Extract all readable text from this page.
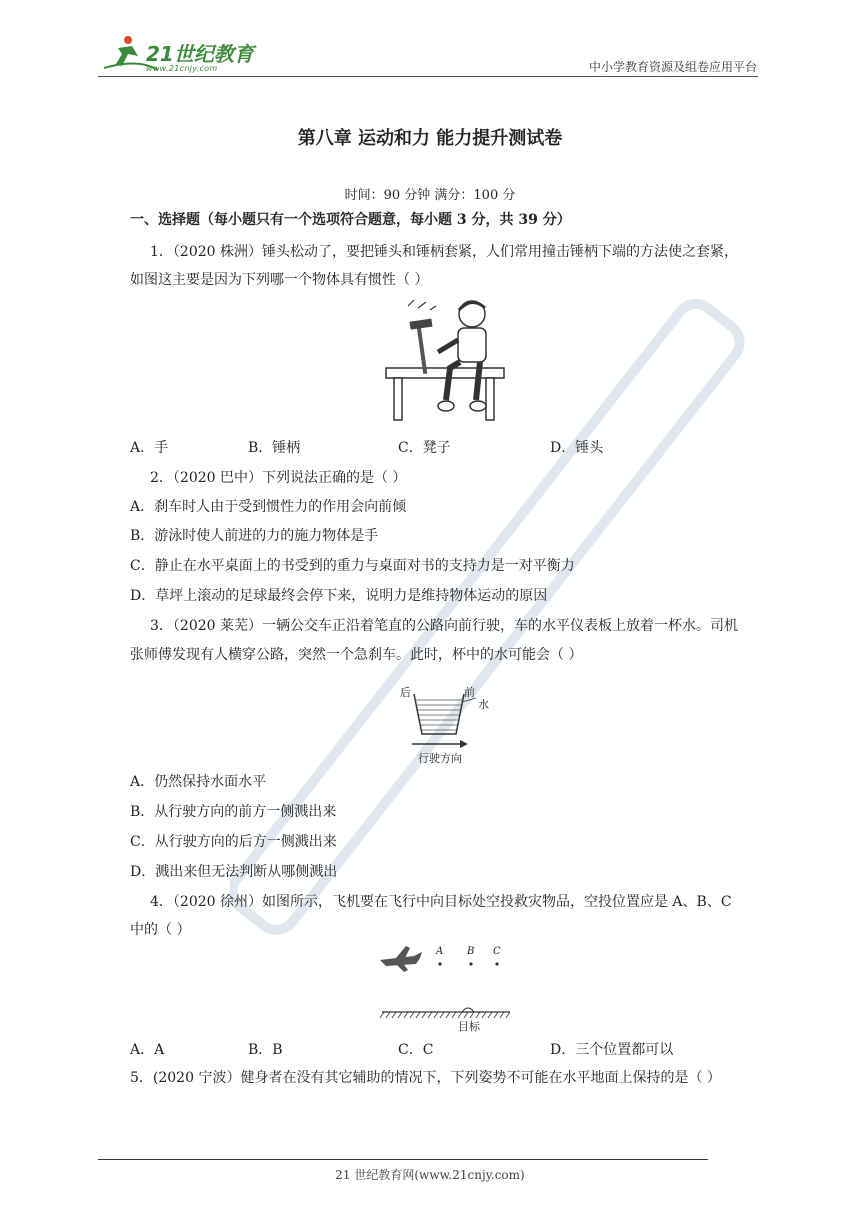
21世纪教育
www.21cnjy.com	中小学教育资源及组卷应用平台
第八章 运动和力 能力提升测试卷
时间：90 分钟 满分：100 分
一、选择题（每小题只有一个选项符合题意，每小题 3 分，共 39 分）
1．（2020 株洲）锤头松动了，要把锤头和锤柄套紧，人们常用撞击锤柄下端的方法使之套紧，
如图这主要是因为下列哪一个物体具有惯性（ ）
A．手	B．锤柄	C．凳子	D．锤头
2．（2020 巴中）下列说法正确的是（ ）
A．刹车时人由于受到惯性力的作用会向前倾
B．游泳时使人前进的力的施力物体是手
C．静止在水平桌面上的书受到的重力与桌面对书的支持力是一对平衡力
D．草坪上滚动的足球最终会停下来，说明力是维持物体运动的原因
3．（2020 莱芜）一辆公交车正沿着笔直的公路向前行驶，车的水平仪表板上放着一杯水。司机
张师傅发现有人横穿公路，突然一个急刹车。此时，杯中的水可能会（ ）
后	前
水
行驶方向
A．仍然保持水面水平
B．从行驶方向的前方一侧溅出来
C．从行驶方向的后方一侧溅出来
D．溅出来但无法判断从哪侧溅出
4．（2020 徐州）如图所示，飞机要在飞行中向目标处空投救灾物品，空投位置应是 A、B、C
中的（ ）
A B C
目标
A．A	B．B	C．C	D．三个位置都可以
5．(2020 宁波）健身者在没有其它辅助的情况下，下列姿势不可能在水平地面上保持的是（ ）
21 世纪教育网(www.21cnjy.com)
